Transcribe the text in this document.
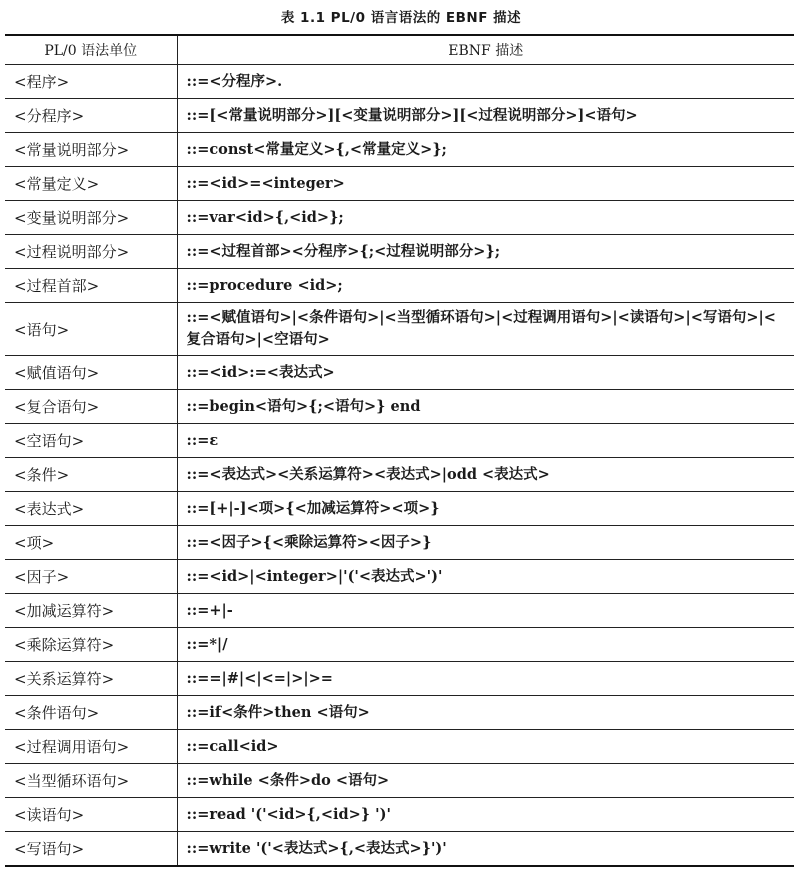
表 1.1 PL/0 语言语法的 EBNF 描述
PL/0 语法单位	EBNF 描述
<程序>	::=<分程序>.
<分程序>	::=[<常量说明部分>][<变量说明部分>][<过程说明部分>]<语句>
<常量说明部分>	::=const<常量定义>{,<常量定义>};
<常量定义>	::=<id>=<integer>
<变量说明部分>	::=var<id>{,<id>};
<过程说明部分>	::=<过程首部><分程序>{;<过程说明部分>};
<过程首部>	::=procedure <id>;
<语句>	::=<赋值语句>|<条件语句>|<当型循环语句>|<过程调用语句>|<读语句>|<写语句>|<复合语句>|<空语句>
<赋值语句>	::=<id>:=<表达式>
<复合语句>	::=begin<语句>{;<语句>} end
<空语句>	::=ε
<条件>	::=<表达式><关系运算符><表达式>|odd <表达式>
<表达式>	::=[+|-]<项>{<加减运算符><项>}
<项>	::=<因子>{<乘除运算符><因子>}
<因子>	::=<id>|<integer>|'('<表达式>')'
<加减运算符>	::=+|-
<乘除运算符>	::=*|/
<关系运算符>	::==|#|<|<=|>|>=
<条件语句>	::=if<条件>then <语句>
<过程调用语句>	::=call<id>
<当型循环语句>	::=while <条件>do <语句>
<读语句>	::=read '('<id>{,<id>} ')'
<写语句>	::=write '('<表达式>{,<表达式>}')'
